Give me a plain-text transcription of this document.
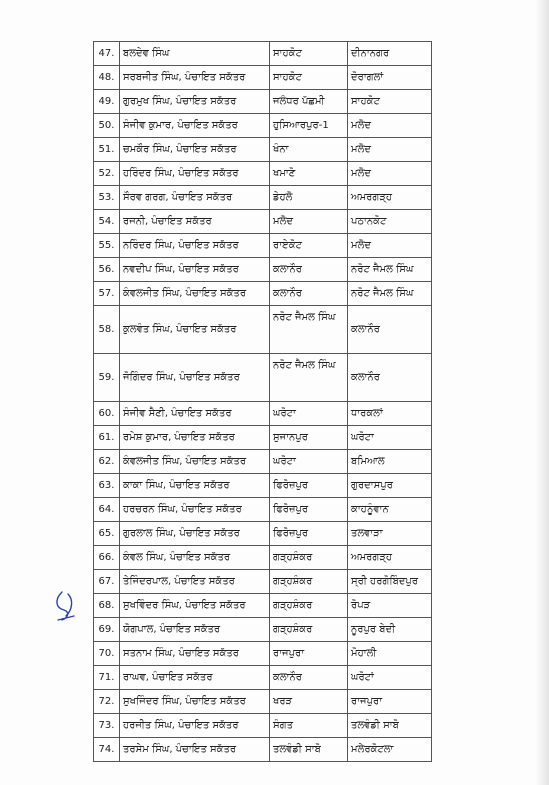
47.	ਬਲਦੇਵ ਸਿੰਘ	ਸਾਹਕੋਟ	ਦੀਨਾਨਗਰ
48.	ਸਰਬਜੀਤ ਸਿੰਘ, ਪੰਚਾਇਤ ਸਕੱਤਰ	ਸਾਹਕੋਟ	ਦੋਰਾਗਲਾਂ
49.	ਗੁਰਮੁਖ ਸਿੰਘ, ਪੰਚਾਇਤ ਸਕੱਤਰ	ਜਲੰਧਰ ਪੱਛਮੀ	ਸਾਹਕੋਟ
50.	ਸੰਜੀਵ ਕੁਮਾਰ, ਪੰਚਾਇਤ ਸਕੱਤਰ	ਹੁਸਿਆਰਪੁਰ-1	ਮਲੋਦ
51.	ਚਮਕੌਰ ਸਿੰਘ, ਪੰਚਾਇਤ ਸਕੱਤਰ	ਖੰਨਾ	ਮਲੋਦ
52.	ਹਰਿੰਦਰ ਸਿੰਘ, ਪੰਚਾਇਤ ਸਕੱਤਰ	ਖਮਾਣੋ	ਮਲੋਦ
53.	ਸੌਰਵ ਗਰਗ, ਪੰਚਾਇਤ ਸਕੱਤਰ	ਡੇਹਲੋ	ਅਮਰਗੜ੍ਹ
54.	ਰਜਨੀ, ਪੰਚਾਇਤ ਸਕੱਤਰ	ਮਲੋਦ	ਪਠਾਨਕੋਟ
55.	ਨਰਿੰਦਰ ਸਿੰਘ, ਪੰਚਾਇਤ ਸਕੱਤਰ	ਰਾਏਕੋਟ	ਮਲੋਦ
56.	ਨਵਦੀਪ ਸਿੰਘ, ਪੰਚਾਇਤ ਸਕੱਤਰ	ਕਲਾਨੌਰ	ਨਰੋਟ ਜੈਮਲ ਸਿੰਘ
57.	ਕੰਵਲਜੀਤ ਸਿੰਘ, ਪੰਚਾਇਤ ਸਕੱਤਰ	ਕਲਾਨੌਰ	ਨਰੋਟ ਜੈਮਲ ਸਿੰਘ
58.	ਕੁਲਵੰਤ ਸਿੰਘ, ਪੰਚਾਇਤ ਸਕੱਤਰ	ਨਰੋਟ ਜੈਮਲ ਸਿੰਘ	ਕਲਾਨੌਰ
59.	ਜੋਗਿੰਦਰ ਸਿੰਘ, ਪੰਚਾਇਤ ਸਕੱਤਰ	ਨਰੋਟ ਜੈਮਲ ਸਿੰਘ	ਕਲਾਨੌਰ
60.	ਸੰਜੀਵ ਸੈਣੀ, ਪੰਚਾਇਤ ਸਕੱਤਰ	ਘਰੋਟਾ	ਧਾਰਕਲਾਂ
61.	ਰਮੇਸ਼ ਕੁਮਾਰ, ਪੰਚਾਇਤ ਸਕੱਤਰ	ਸੁਜਾਨਪੁਰ	ਘਰੋਟਾ
62.	ਕੰਵਲਜੀਤ ਸਿੰਘ, ਪੰਚਾਇਤ ਸਕੱਤਰ	ਘਰੋਟਾ	ਬਮਿਆਲ
63.	ਕਾਕਾ ਸਿੰਘ, ਪੰਚਾਇਤ ਸਕੱਤਰ	ਫਿਰੋਜ਼ਪੁਰ	ਗੁਰਦਾਸਪੁਰ
64.	ਹਰਚਰਨ ਸਿੰਘ, ਪੰਚਾਇਤ ਸਕੱਤਰ	ਫਿਰੋਜ਼ਪੁਰ	ਕਾਹਨੂੰਵਾਨ
65.	ਗੁਰਲਾਲ ਸਿੰਘ, ਪੰਚਾਇਤ ਸਕੱਤਰ	ਫਿਰੋਜ਼ਪੁਰ	ਤਲਵਾੜਾ
66.	ਕੰਵਲ ਸਿੰਘ, ਪੰਚਾਇਤ ਸਕੱਤਰ	ਗੜ੍ਹਸ਼ੰਕਰ	ਅਮਰਗੜ੍ਹ
67.	ਤੇਜਿੰਦਰਪਾਲ, ਪੰਚਾਇਤ ਸਕੱਤਰ	ਗੜ੍ਹਸ਼ੰਕਰ	ਸ੍ਰੀ ਹਰਗੋਬਿੰਦਪੁਰ
68.	ਸੁਖਵਿੰਦਰ ਸਿੰਘ, ਪੰਚਾਇਤ ਸਕੱਤਰ	ਗੜ੍ਹਸ਼ੰਕਰ	ਰੋਪੜ
69.	ਯੋਗਪਾਲ, ਪੰਚਾਇਤ ਸਕੱਤਰ	ਗੜ੍ਹਸ਼ੰਕਰ	ਨੂਰਪੁਰ ਬੇਦੀ
70.	ਸਤਨਾਮ ਸਿੰਘ, ਪੰਚਾਇਤ ਸਕੱਤਰ	ਰਾਜਪੁਰਾ	ਮੋਹਾਲੀ
71.	ਰਾਘਵ, ਪੰਚਾਇਤ ਸਕੱਤਰ	ਕਲਾਨੌਰ	ਘਰੋਟਾਂ
72.	ਸੁਖਜਿੰਦਰ ਸਿੰਘ, ਪੰਚਾਇਤ ਸਕੱਤਰ	ਖਰੜ	ਰਾਜਪੁਰਾ
73.	ਹਰਜੀਤ ਸਿੰਘ, ਪੰਚਾਇਤ ਸਕੱਤਰ	ਸੰਗਤ	ਤਲਵੰਡੀ ਸਾਬੋ
74.	ਤਰਸੇਮ ਸਿੰਘ, ਪੰਚਾਇਤ ਸਕੱਤਰ	ਤਲਵੰਡੀ ਸਾਬੋ	ਮਲੇਰਕੋਟਲਾ
